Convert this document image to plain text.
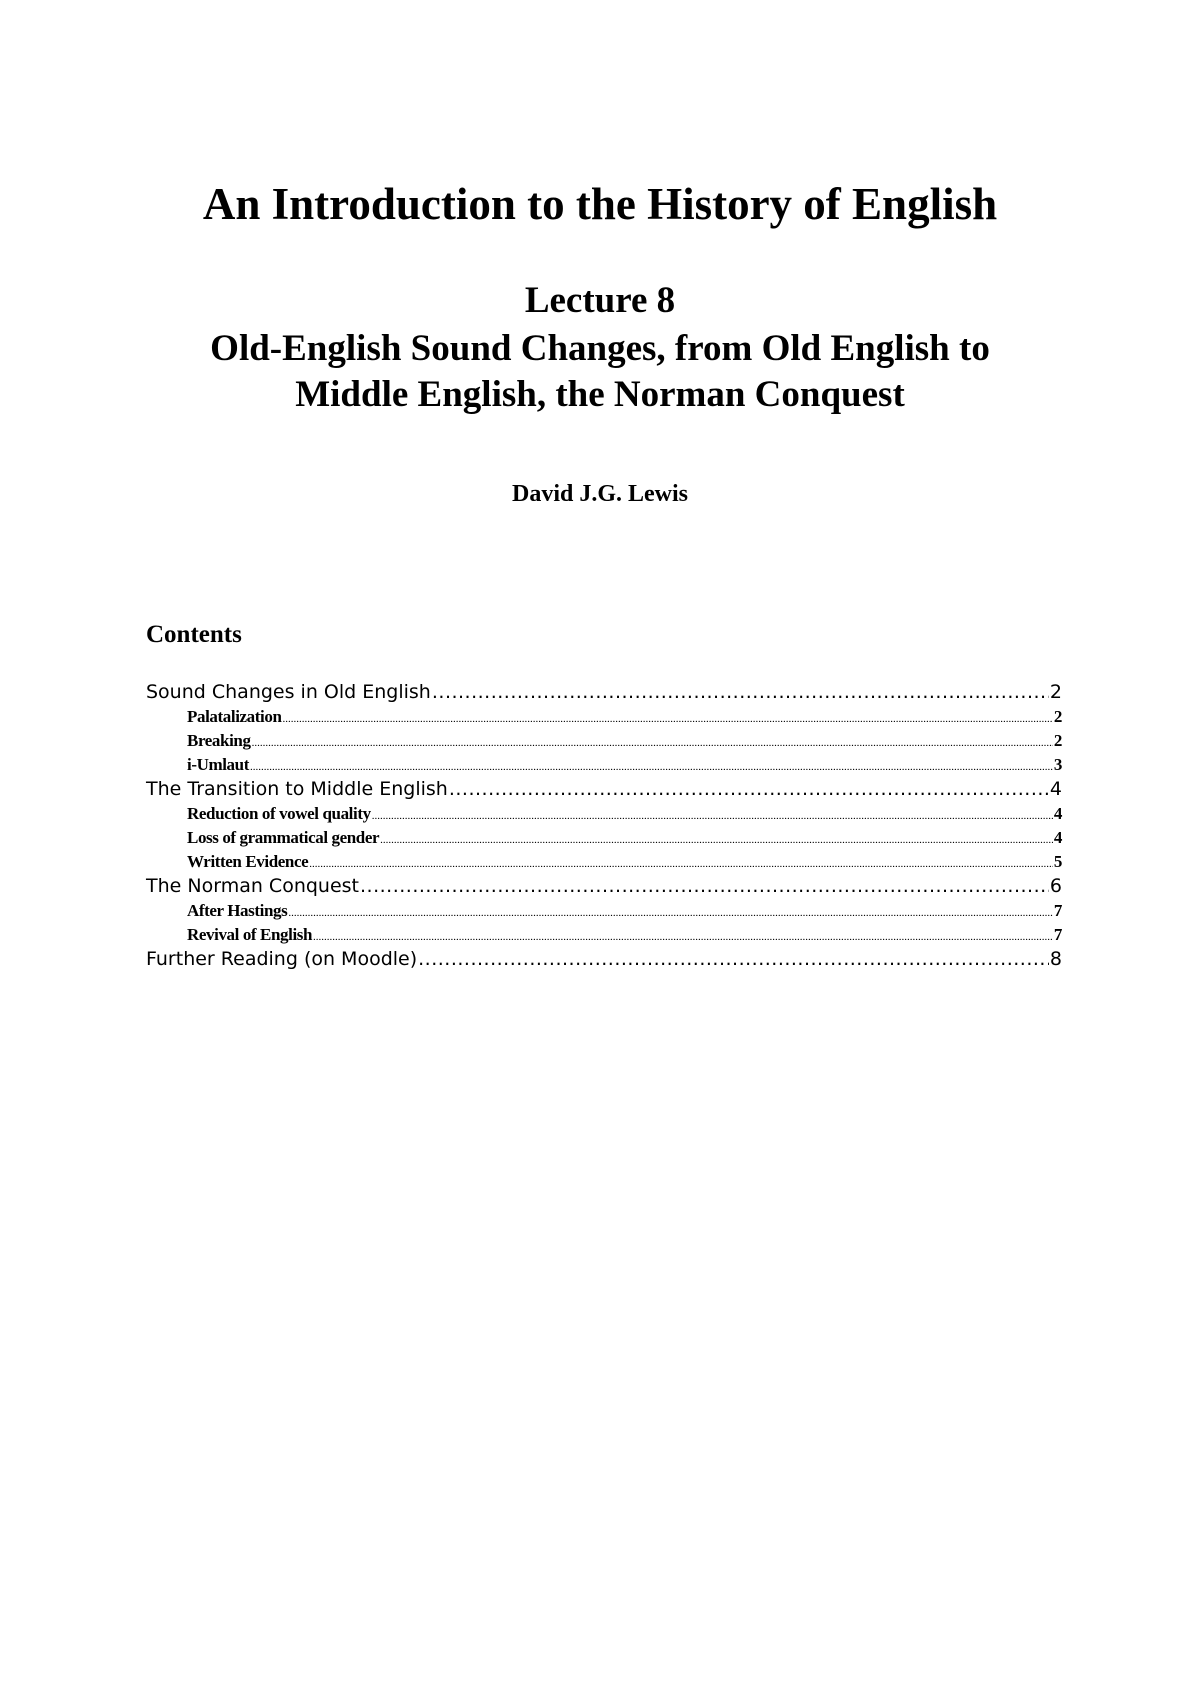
An Introduction to the History of English
Lecture 8
Old-English Sound Changes, from Old English to
Middle English, the Norman Conquest

David J.G. Lewis

Contents
Sound Changes in Old English .....	2
Palatalization .....	2
Breaking .....	2
i-Umlaut .....	3
The Transition to Middle English .....	4
Reduction of vowel quality .....	4
Loss of grammatical gender .....	4
Written Evidence .....	5
The Norman Conquest .....	6
After Hastings .....	7
Revival of English .....	7
Further Reading (on Moodle) .....	8
